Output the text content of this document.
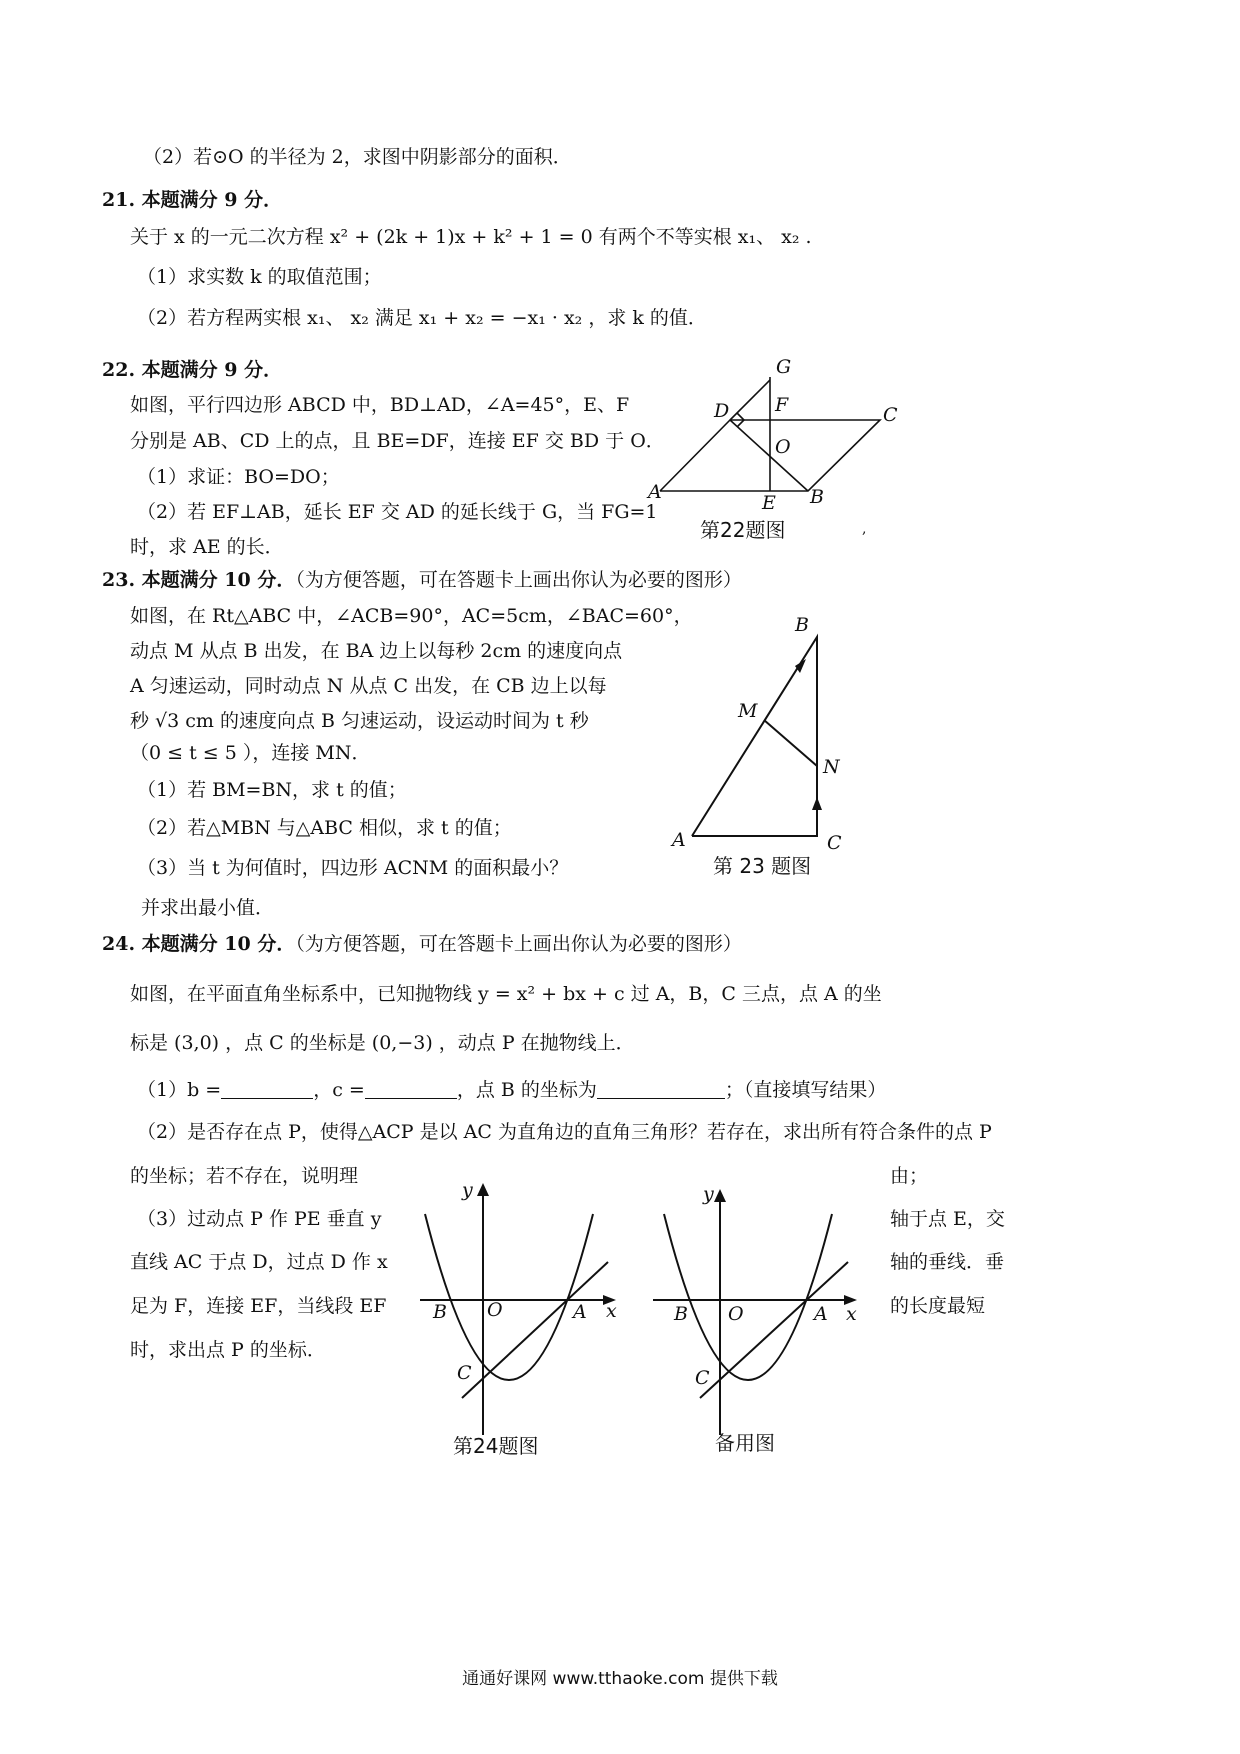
（2）若⊙O 的半径为 2，求图中阴影部分的面积．
21. 本题满分 9 分．
关于 x 的一元二次方程 x² + (2k + 1)x + k² + 1 = 0 有两个不等实根 x₁、 x₂ .
（1）求实数 k 的取值范围；
（2）若方程两实根 x₁、 x₂ 满足 x₁ + x₂ = −x₁ · x₂ ，求 k 的值．
22. 本题满分 9 分．
如图，平行四边形 ABCD 中，BD⊥AD，∠A=45°，E、F
分别是 AB、CD 上的点，且 BE=DF，连接 EF 交 BD 于 O．
（1）求证：BO=DO；
（2）若 EF⊥AB，延长 EF 交 AD 的延长线于 G，当 FG=1
时，求 AE 的长．
G
D F	C
O
A	E B
,
第22题图
23. 本题满分 10 分．（为方便答题，可在答题卡上画出你认为必要的图形）
如图，在 Rt△ABC 中，∠ACB=90°，AC=5cm，∠BAC=60°，
动点 M 从点 B 出发，在 BA 边上以每秒 2cm 的速度向点
A 匀速运动，同时动点 N 从点 C 出发，在 CB 边上以每
秒 √3 cm 的速度向点 B 匀速运动，设运动时间为 t 秒
（0 ≤ t ≤ 5 ），连接 MN．
（1）若 BM=BN，求 t 的值；
（2）若△MBN 与△ABC 相似，求 t 的值；
（3）当 t 为何值时，四边形 ACNM 的面积最小？
并求出最小值．
B
M
N
A	C
第 23 题图
24. 本题满分 10 分．（为方便答题，可在答题卡上画出你认为必要的图形）
如图，在平面直角坐标系中，已知抛物线 y = x² + bx + c 过 A，B，C 三点，点 A 的坐
标是 (3,0) ，点 C 的坐标是 (0,−3) ，动点 P 在抛物线上．
（1）b =	，c =	，点 B 的坐标为	；（直接填写结果）
（2）是否存在点 P，使得△ACP 是以 AC 为直角边的直角三角形？若存在，求出所有符合条件的点 P
的坐标；若不存在，说明理	由；
（3）过动点 P 作 PE 垂直 y	轴于点 E，交
直线 AC 于点 D，过点 D 作 x	轴的垂线．垂
足为 F，连接 EF，当线段 EF	的长度最短
时，求出点 P 的坐标．
y
x
B O	A
C
第24题图
y
x
B O	A
C
备用图
通通好课网 www.tthaoke.com 提供下载
